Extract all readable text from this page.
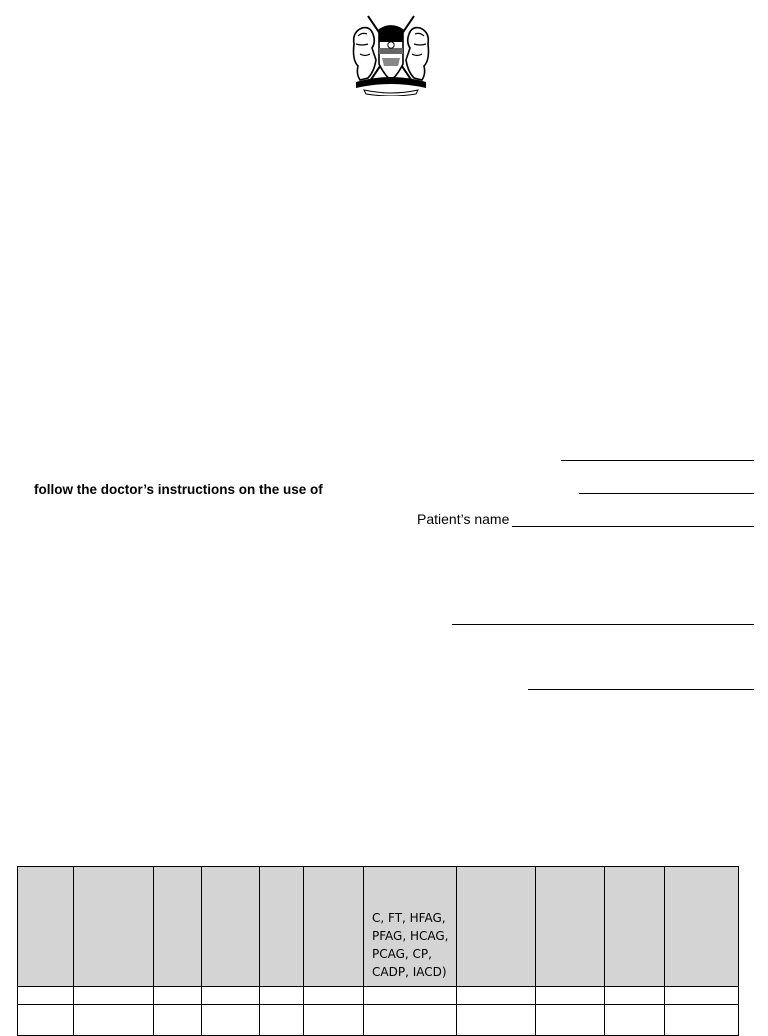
follow the doctor’s instructions on the use of
Patient’s name

						C, FT, HFAG, PFAG, HCAG, PCAG, CP, CADP, IACD)				
